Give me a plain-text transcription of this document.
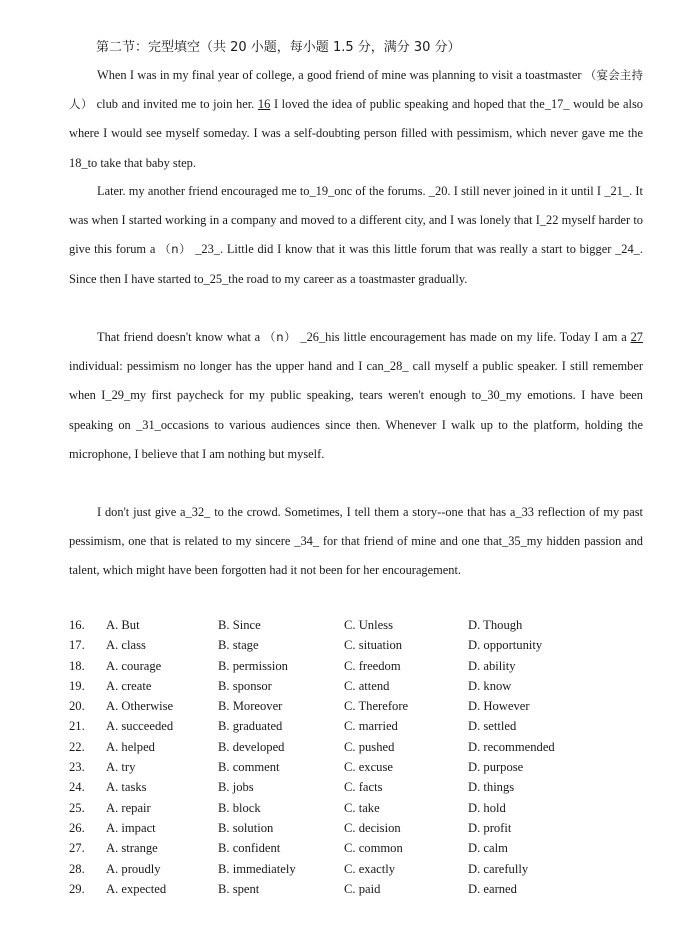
第二节：完型填空（共 20 小题，每小题 1.5 分，满分 30 分）

When I was in my final year of college, a good friend of mine was planning to visit a toastmaster （宴会主持人） club and invited me to join her. 16 I loved the idea of public speaking and hoped that the_17_ would be also where I would see myself someday. I was a self-doubting person filled with pessimism, which never gave me the 18_to take that baby step.

Later. my another friend encouraged me to_19_onc of the forums. _20. I still never joined in it until I _21_. It was when I started working in a company and moved to a different city, and I was lonely that I_22 myself harder to give this forum a （n） _23_. Little did I know that it was this little forum that was really a start to bigger _24_. Since then I have started to_25_the road to my career as a toastmaster gradually.

That friend doesn't know what a （n） _26_his little encouragement has made on my life. Today I am a 27 individual: pessimism no longer has the upper hand and I can_28_ call myself a public speaker. I still remember when I_29_my first paycheck for my public speaking, tears weren't enough to_30_my emotions. I have been speaking on _31_occasions to various audiences since then. Whenever I walk up to the platform, holding the microphone, I believe that I am nothing but myself.

I don't just give a_32_ to the crowd. Sometimes, I tell them a story--one that has a_33 reflection of my past pessimism, one that is related to my sincere _34_ for that friend of mine and one that_35_my hidden passion and talent, which might have been forgotten had it not been for her encouragement.

16. A. But	B. Since	C. Unless	D. Though
17. A. class	B. stage	C. situation	D. opportunity
18. A. courage	B. permission	C. freedom	D. ability
19. A. create	B. sponsor	C. attend	D. know
20. A. Otherwise	B. Moreover	C. Therefore	D. However
21. A. succeeded	B. graduated	C. married	D. settled
22. A. helped	B. developed	C. pushed	D. recommended
23. A. try	B. comment	C. excuse	D. purpose
24. A. tasks	B. jobs	C. facts	D. things
25. A. repair	B. block	C. take	D. hold
26. A. impact	B. solution	C. decision	D. profit
27. A. strange	B. confident	C. common	D. calm
28. A. proudly	B. immediately	C. exactly	D. carefully
29. A. expected	B. spent	C. paid	D. earned
